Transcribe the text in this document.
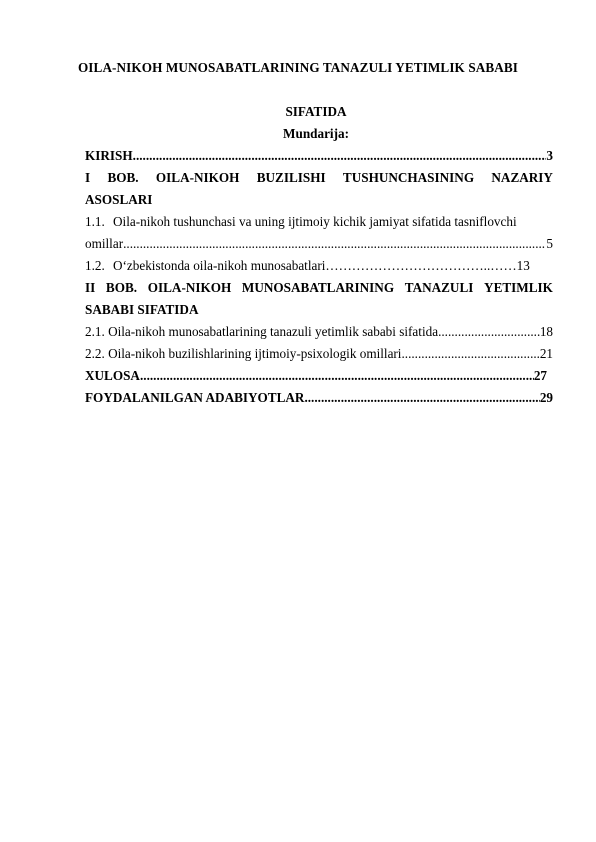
OILA-NIKOH MUNOSABATLARINING TANAZULI YETIMLIK SABABI
SIFATIDA
Mundarija:
KIRISH .....	3
I BOB. OILA-NIKOH BUZILISHI TUSHUNCHASINING NAZARIY
ASOSLARI
1.1. Oila-nikoh tushunchasi va uning ijtimoiy kichik jamiyat sifatida tasniflovchi
omillar .....	5
1.2. O‘zbekistonda oila-nikoh munosabatlari………………………………..……13
II BOB. OILA-NIKOH MUNOSABATLARINING TANAZULI YETIMLIK
SABABI SIFATIDA
2.1. Oila-nikoh munosabatlarining tanazuli yetimlik sababi sifatida .....	18
2.2. Oila-nikoh buzilishlarining ijtimoiy-psixologik omillari .....	21
XULOSA .....	27
FOYDALANILGAN ADABIYOTLAR .....	29
